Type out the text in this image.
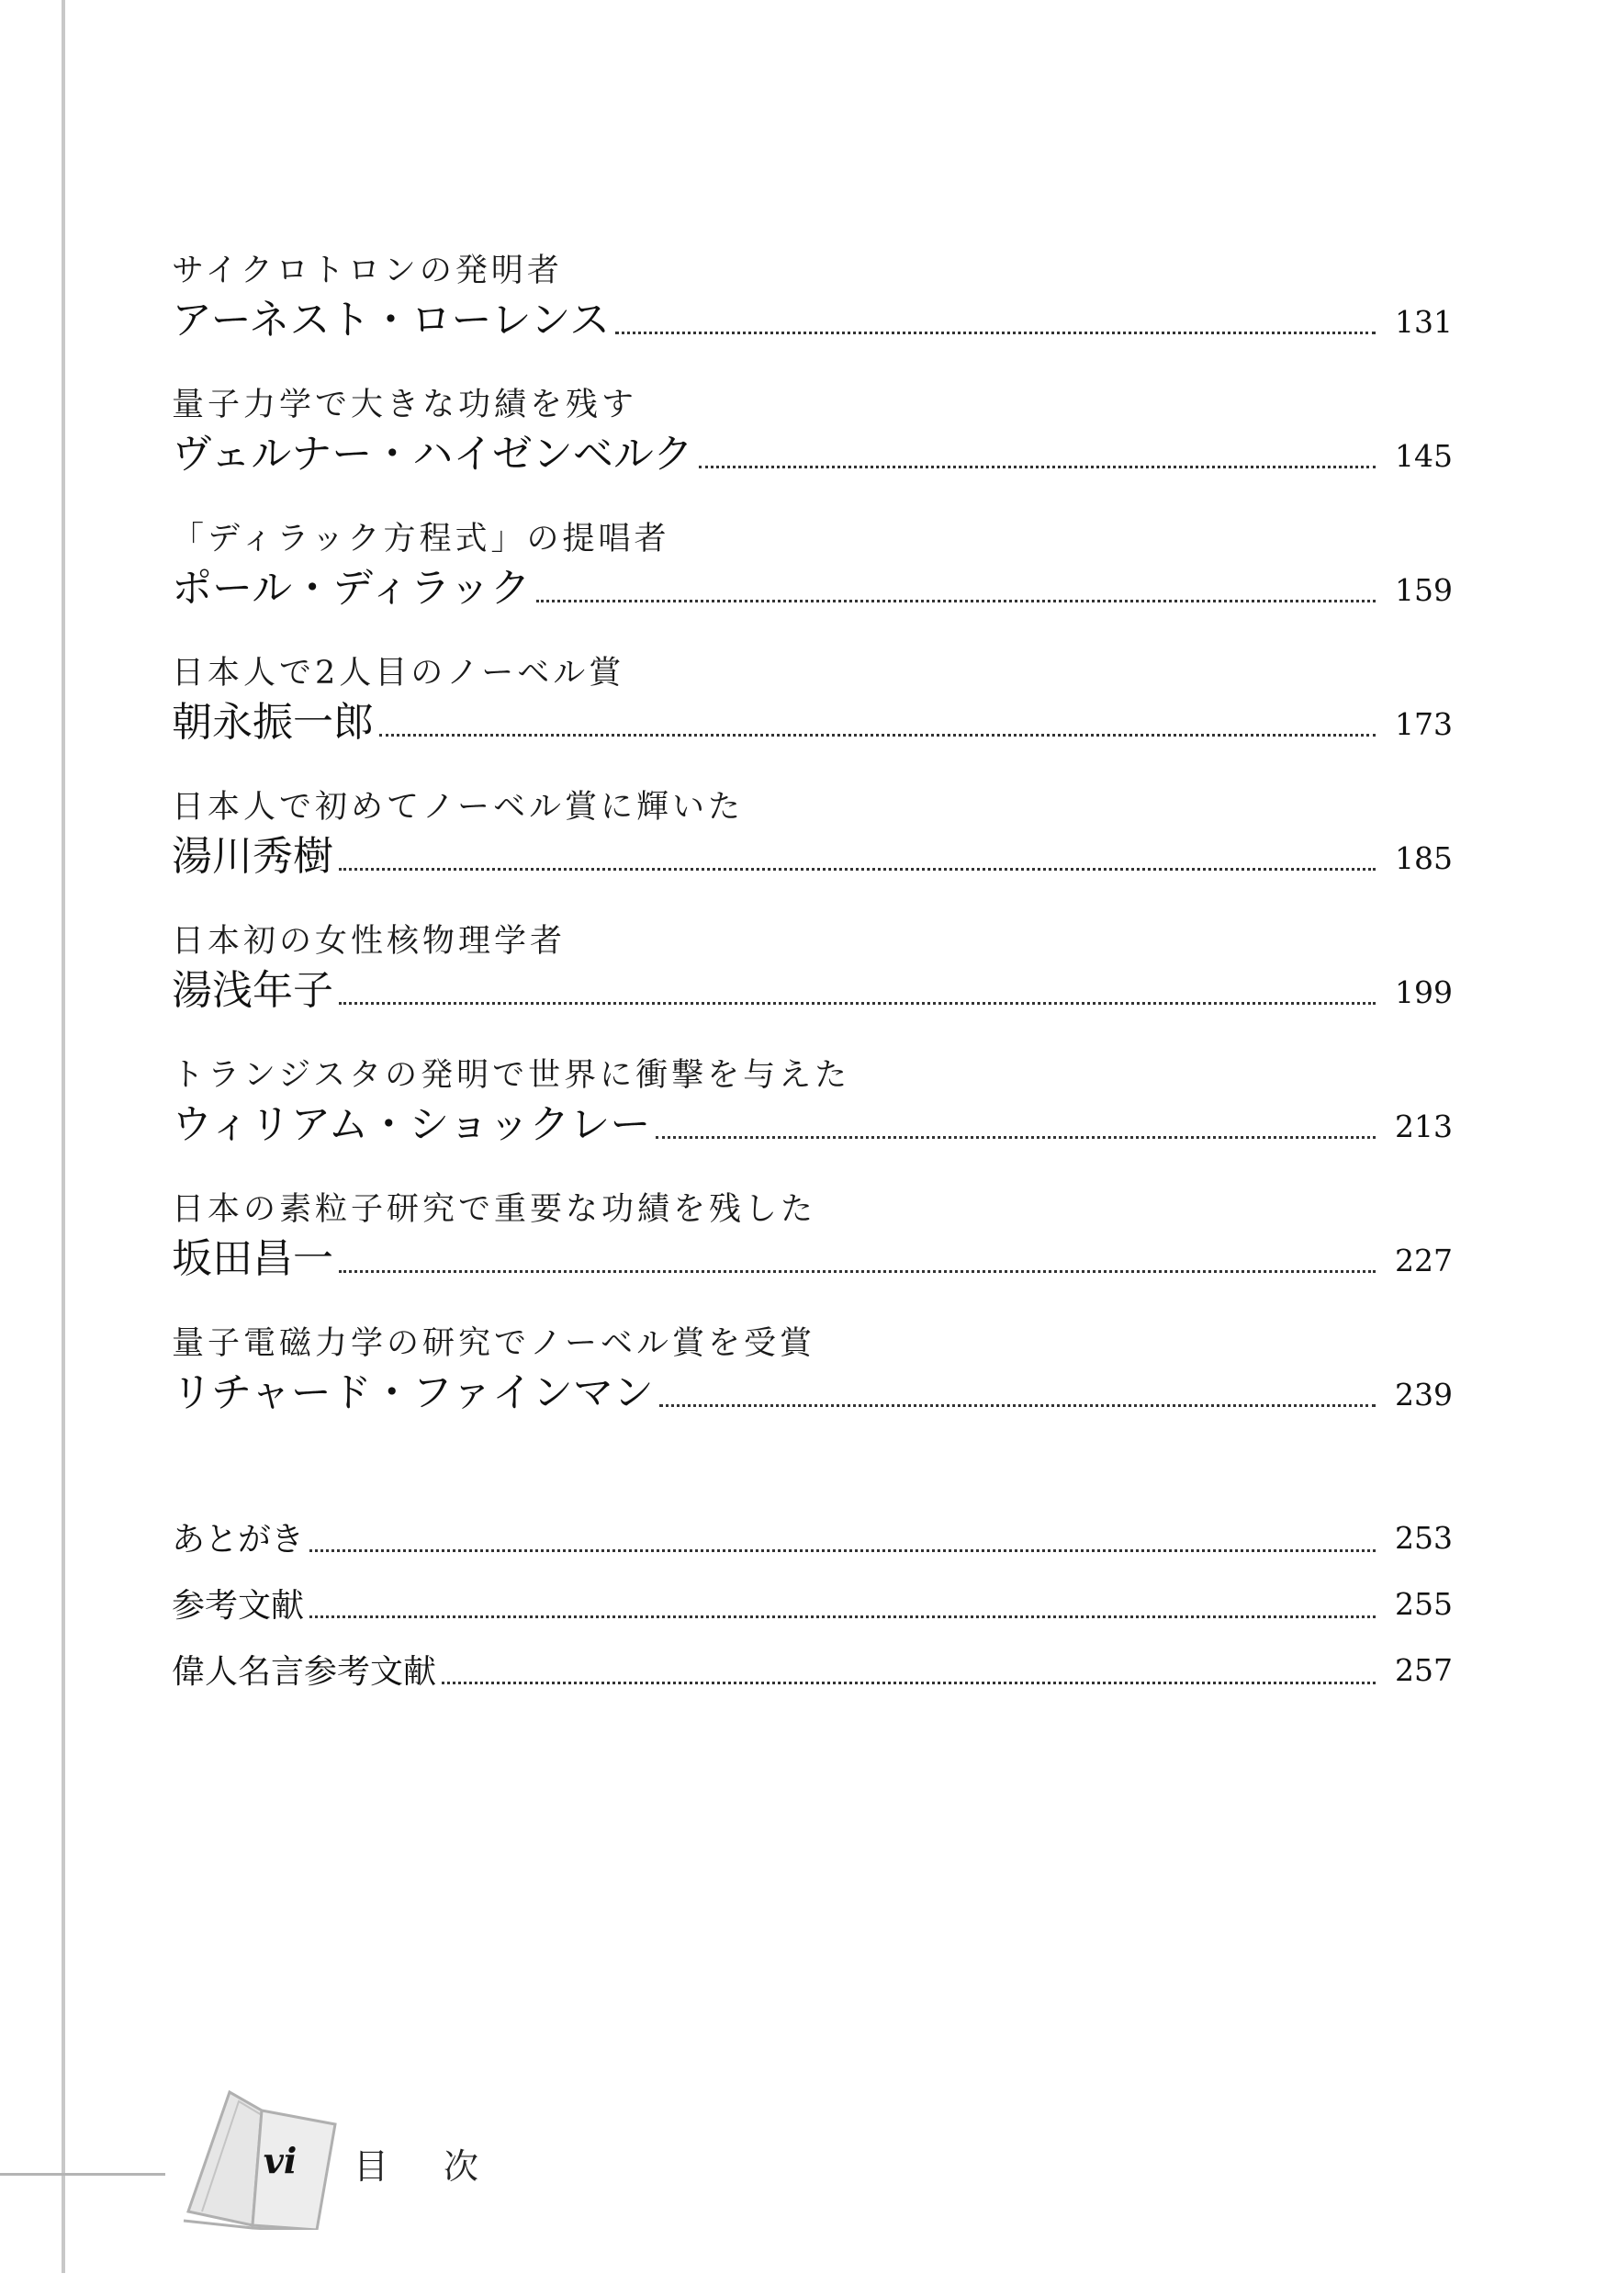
サイクロトロンの発明者
アーネスト・ローレンス	131
量子力学で大きな功績を残す
ヴェルナー・ハイゼンベルク	145
「ディラック方程式」の提唱者
ポール・ディラック	159
日本人で2人目のノーベル賞
朝永振一郎	173
日本人で初めてノーベル賞に輝いた
湯川秀樹	185
日本初の女性核物理学者
湯浅年子	199
トランジスタの発明で世界に衝撃を与えた
ウィリアム・ショックレー	213
日本の素粒子研究で重要な功績を残した
坂田昌一	227
量子電磁力学の研究でノーベル賞を受賞
リチャード・ファインマン	239
あとがき	253
参考文献	255
偉人名言参考文献	257
vi	目次
